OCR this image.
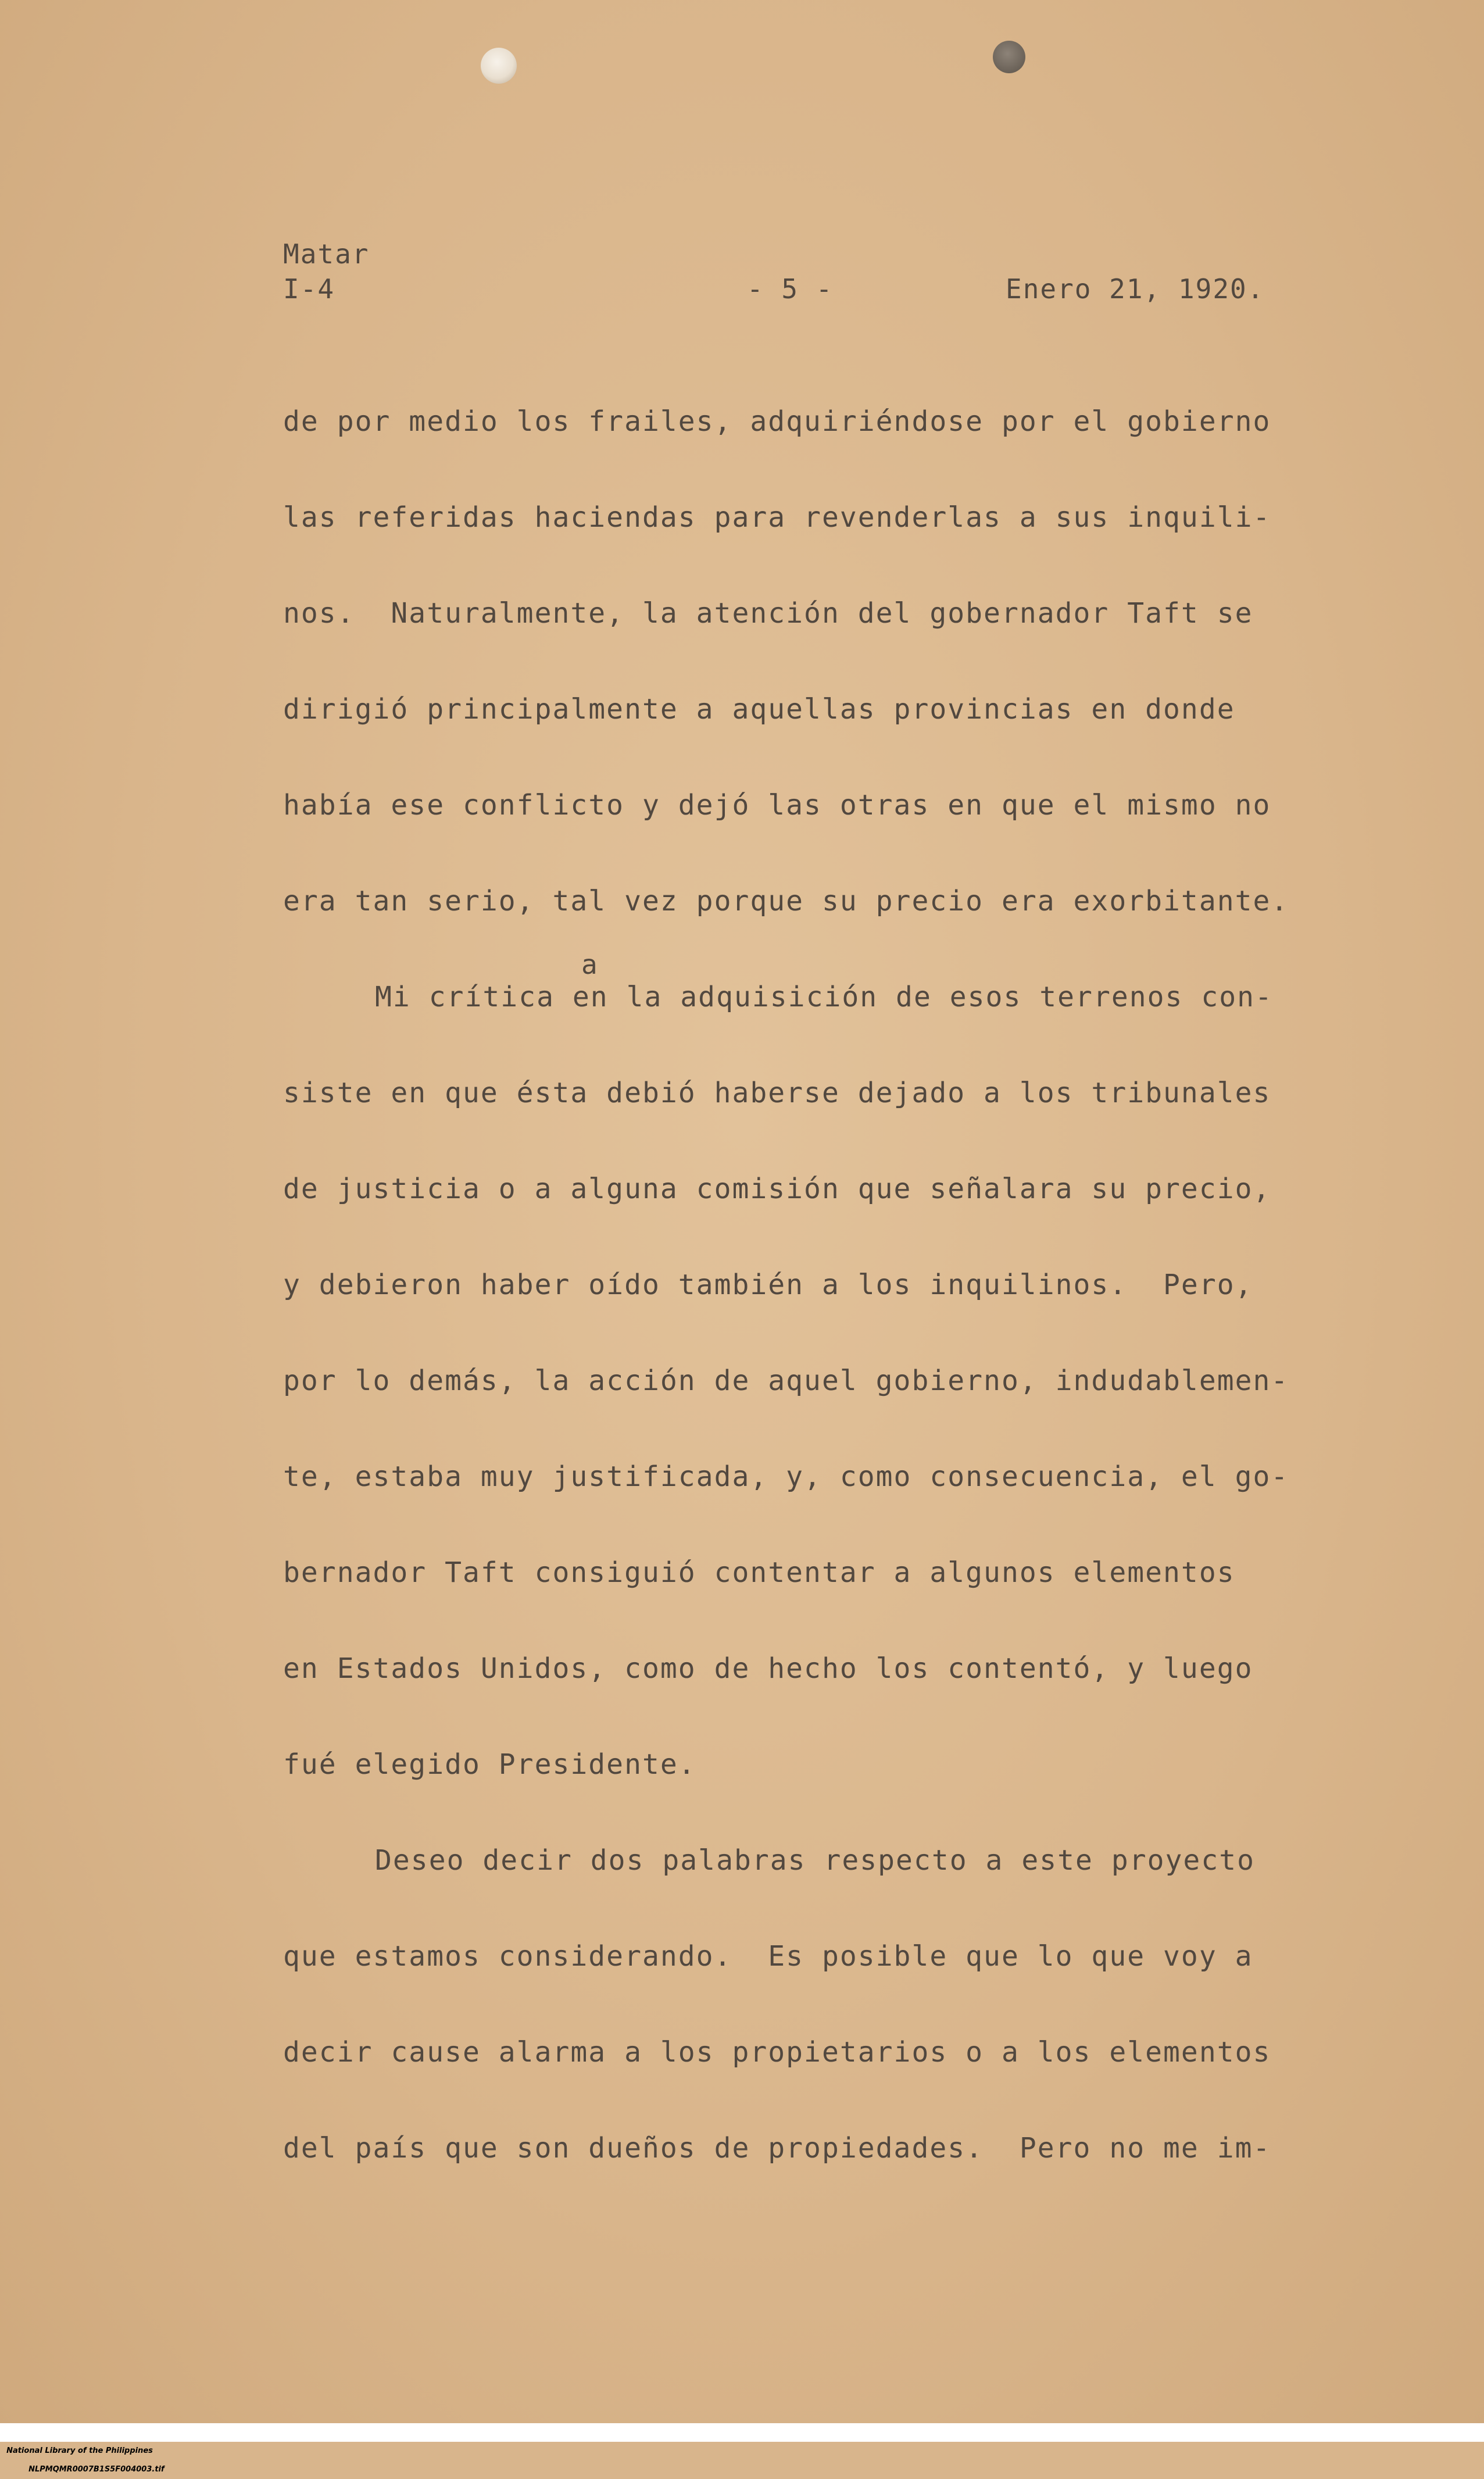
Matar
I-4	- 5 -	Enero 21, 1920.
de por medio los frailes, adquiriéndose por el gobierno
las referidas haciendas para revenderlas a sus inquili-
nos.  Naturalmente, la atención del gobernador Taft se
dirigió principalmente a aquellas provincias en donde
había ese conflicto y dejó las otras en que el mismo no
era tan serio, tal vez porque su precio era exorbitante.
a
Mi crítica en la adquisición de esos terrenos con-
siste en que ésta debió haberse dejado a los tribunales
de justicia o a alguna comisión que señalara su precio,
y debieron haber oído también a los inquilinos.  Pero,
por lo demás, la acción de aquel gobierno, indudablemen-
te, estaba muy justificada, y, como consecuencia, el go-
bernador Taft consiguió contentar a algunos elementos
en Estados Unidos, como de hecho los contentó, y luego
fué elegido Presidente.
Deseo decir dos palabras respecto a este proyecto
que estamos considerando.  Es posible que lo que voy a
decir cause alarma a los propietarios o a los elementos
del país que son dueños de propiedades.  Pero no me im-

National Library of the Philippines
NLPMQMR0007B1S5F004003.tif
